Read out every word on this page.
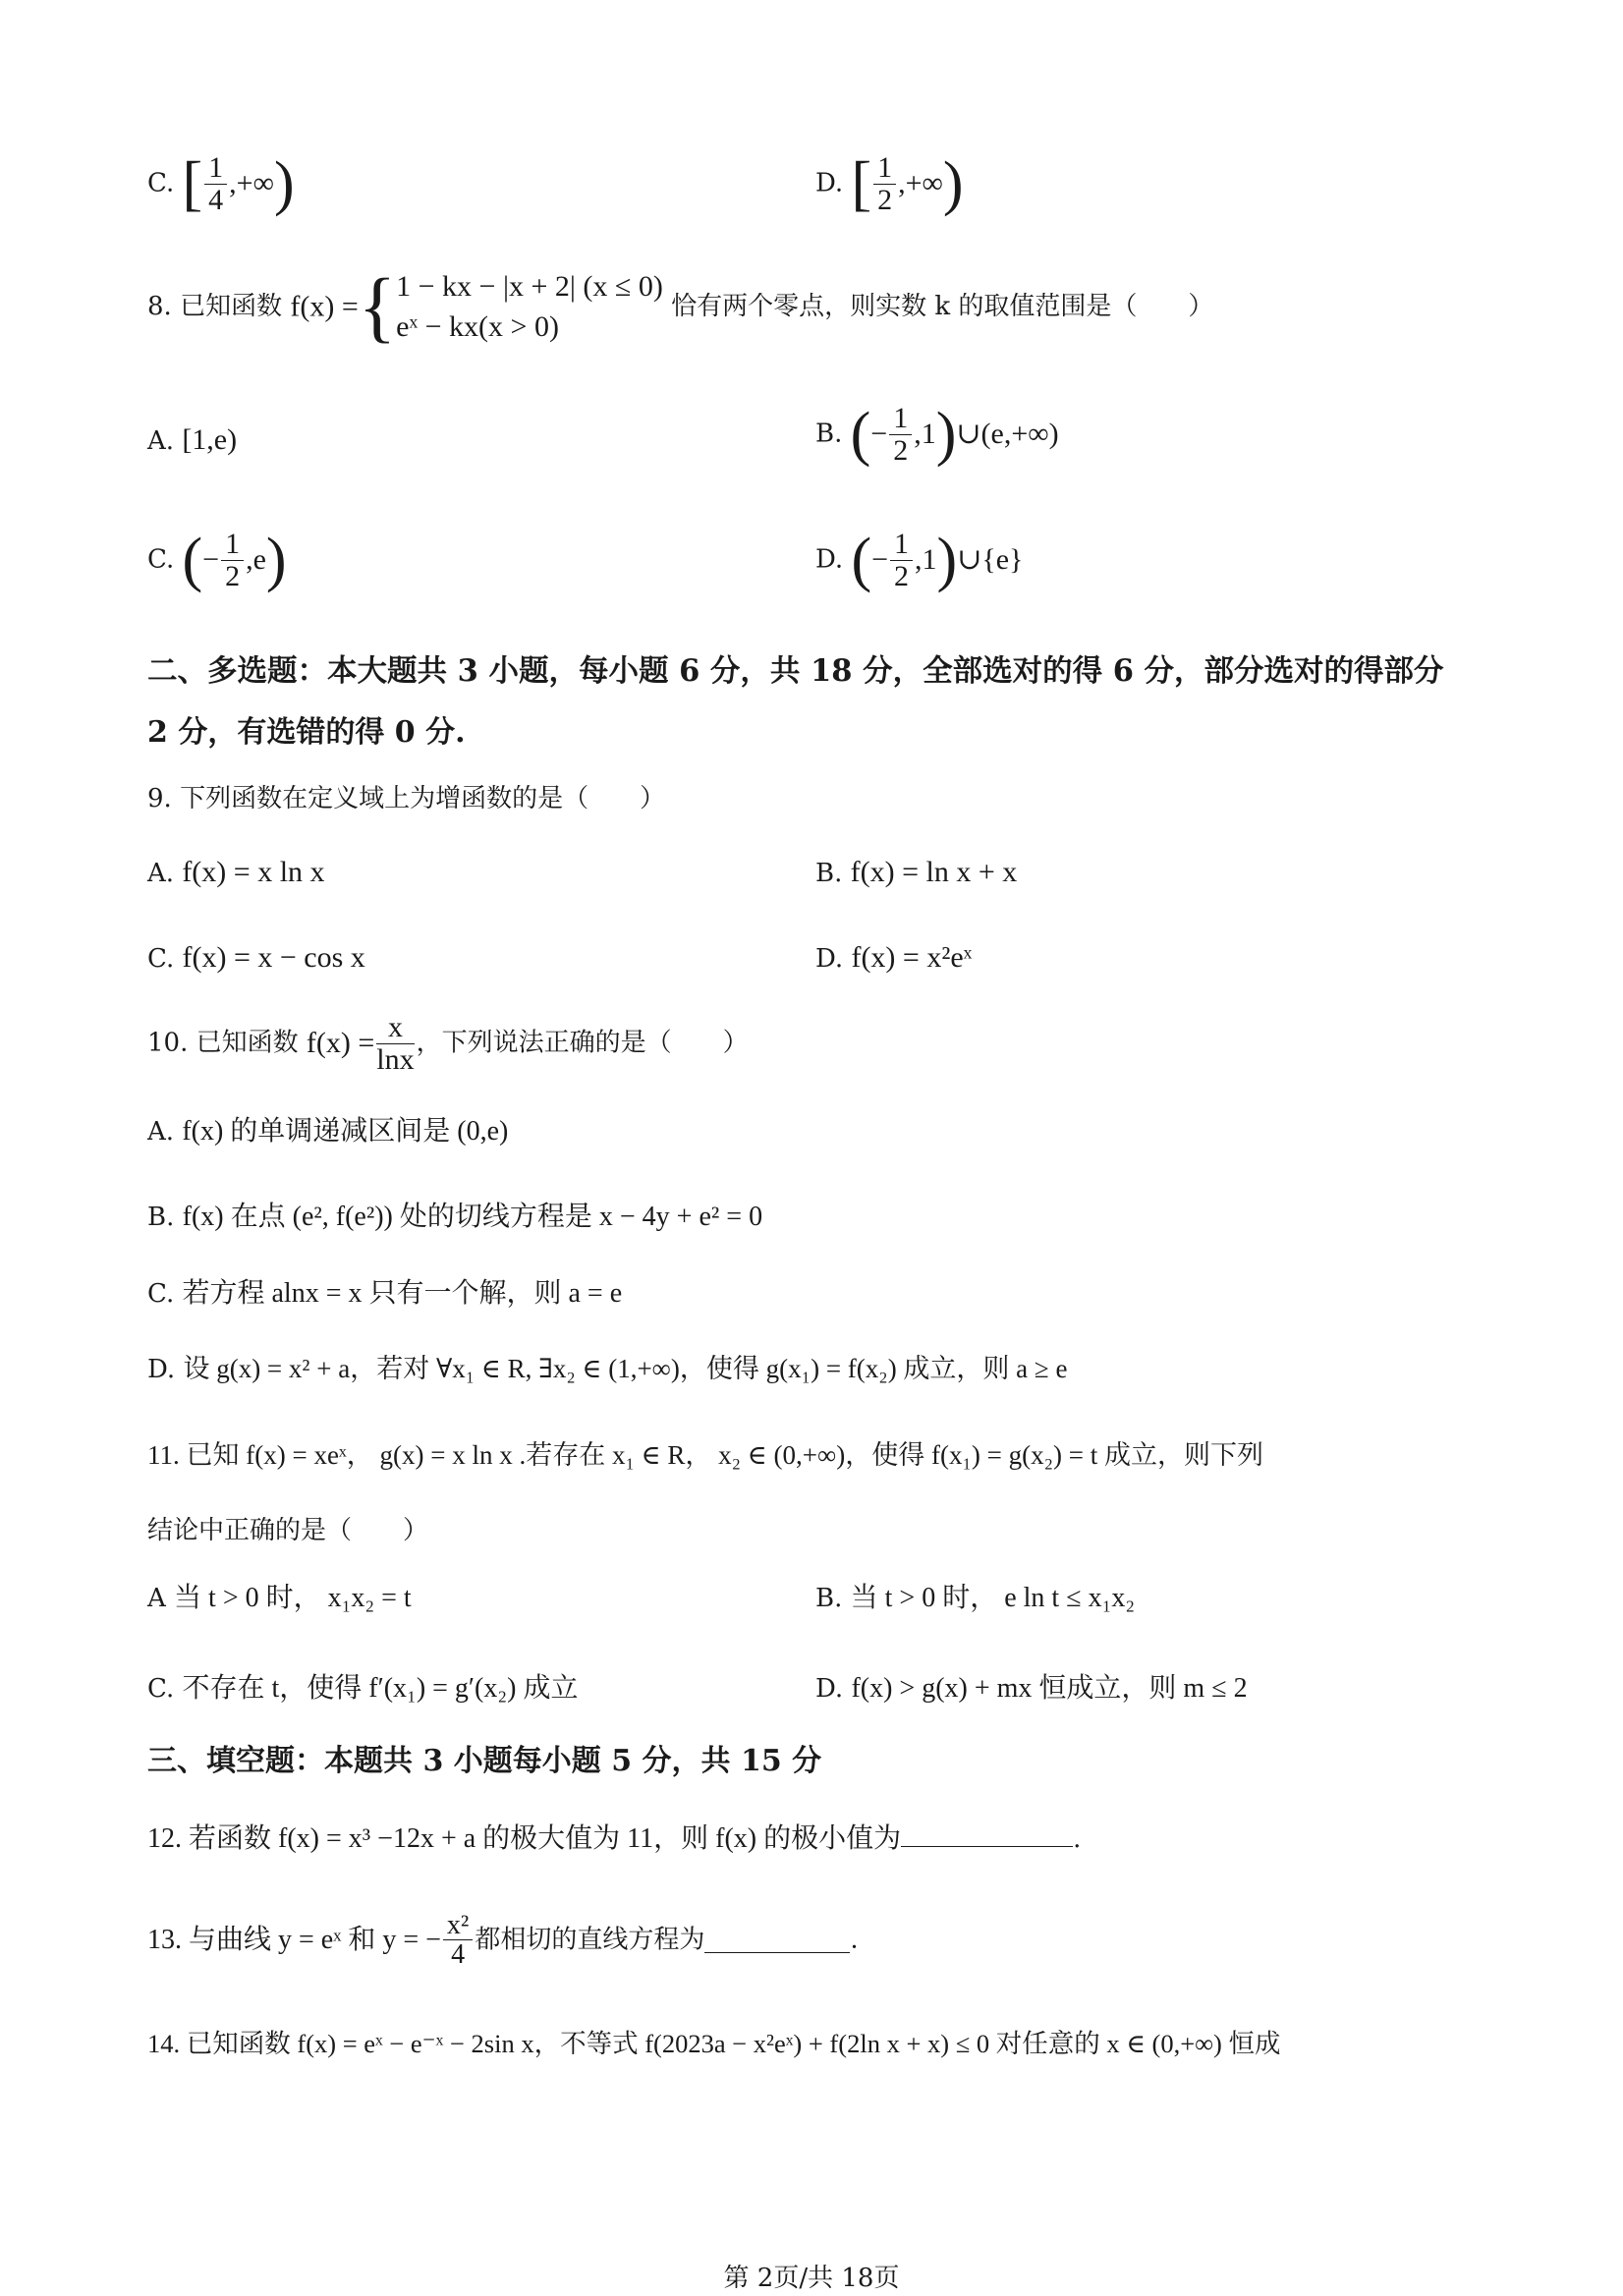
C. [ $\frac{1}{4}$ ,+∞)	D. [ $\frac{1}{2}$ ,+∞)
8. 已知函数 f(x) ={ 1 − kx − |x + 2| (x ≤ 0)
eˣ − kx(x > 0)
恰有两个零点，则实数 k 的取值范围是（　　）
A. [1,e)	B. (− $\frac{1}{2}$ ,1)∪(e,+∞)
C. (− $\frac{1}{2} ,e$)	D. (− $\frac{1}{2}$ ,1)∪{e}
二、多选题：本大题共 3 小题，每小题 6 分，共 18 分，全部选对的得 6 分，部分选对的得部分
2 分，有选错的得 0 分.
9. 下列函数在定义域上为增函数的是（　　）
A. f(x) = x ln x	B. f(x) = ln x + x
C. f(x) = x − cos x	D. f(x) = x²eˣ
10. 已知函数 $f(x) = \frac{x}{\ln x}$ ，下列说法正确的是（　　）
A. f(x) 的单调递减区间是 (0,e)
B. f(x) 在点 (e², f(e²)) 处的切线方程是 x − 4y + e² = 0
C. 若方程 alnx = x 只有一个解，则 a = e
D. 设 g(x) = x² + a，若对 ∀x₁ ∈ R, ∃x₂ ∈ (1,+∞)，使得 g(x₁) = f(x₂) 成立，则 a ≥ e
11. 已知 f(x) = xeˣ， g(x) = x ln x .若存在 x₁ ∈ R， x₂ ∈ (0,+∞)，使得 f(x₁) = g(x₂) = t 成立，则下列
结论中正确的是（　　）
A 当 t > 0 时， x₁x₂ = t	B. 当 t > 0 时， e ln t ≤ x₁x₂
C. 不存在 t，使得 f′(x₁) = g′(x₂) 成立	D. f(x) > g(x) + mx 恒成立，则 m ≤ 2
三、填空题：本题共 3 小题每小题 5 分，共 15 分
12. 若函数 f(x) = x³ −12x + a 的极大值为 11，则 f(x) 的极小值为	.
13. 与曲线 y = eˣ 和 y = − $\frac{\text{x²}}{4}$ 都相切的直线方程为	.
14. 已知函数 f(x) = eˣ − e⁻ˣ − 2sin x，不等式 f(2023a − x²eˣ) + f(2ln x + x) ≤ 0 对任意的 x ∈ (0,+∞) 恒成
第 2页/共 18页
